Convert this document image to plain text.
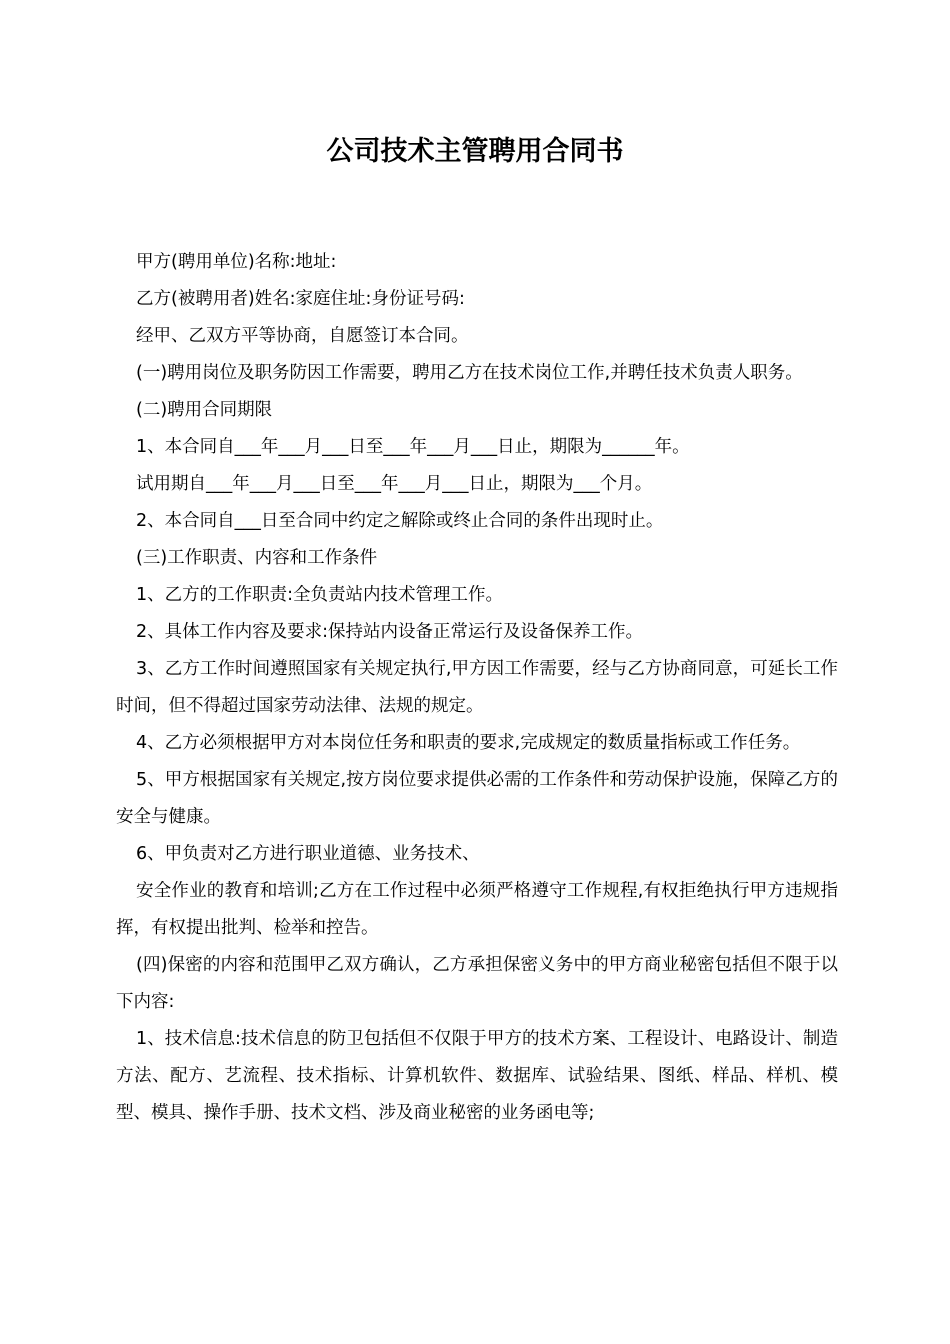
公司技术主管聘用合同书

甲方(聘用单位)名称:地址:

乙方(被聘用者)姓名:家庭住址:身份证号码:

经甲、乙双方平等协商，自愿签订本合同。

(一)聘用岗位及职务防因工作需要，聘用乙方在技术岗位工作,并聘任技术负责人职务。

(二)聘用合同期限

1、本合同自___年___月___日至___年___月___日止，期限为______年。

试用期自___年___月___日至___年___月___日止，期限为___个月。

2、本合同自___日至合同中约定之解除或终止合同的条件出现时止。

(三)工作职责、内容和工作条件

1、乙方的工作职责:全负责站内技术管理工作。

2、具体工作内容及要求:保持站内设备正常运行及设备保养工作。

3、乙方工作时间遵照国家有关规定执行,甲方因工作需要，经与乙方协商同意，可延长工作时间，但不得超过国家劳动法律、法规的规定。

4、乙方必须根据甲方对本岗位任务和职责的要求,完成规定的数质量指标或工作任务。

5、甲方根据国家有关规定,按方岗位要求提供必需的工作条件和劳动保护设施，保障乙方的安全与健康。

6、甲负责对乙方进行职业道德、业务技术、

安全作业的教育和培训;乙方在工作过程中必须严格遵守工作规程,有权拒绝执行甲方违规指挥，有权提出批判、检举和控告。

(四)保密的内容和范围甲乙双方确认，乙方承担保密义务中的甲方商业秘密包括但不限于以下内容:

1、技术信息:技术信息的防卫包括但不仅限于甲方的技术方案、工程设计、电路设计、制造方法、配方、艺流程、技术指标、计算机软件、数据库、试验结果、图纸、样品、样机、模型、模具、操作手册、技术文档、涉及商业秘密的业务函电等;
